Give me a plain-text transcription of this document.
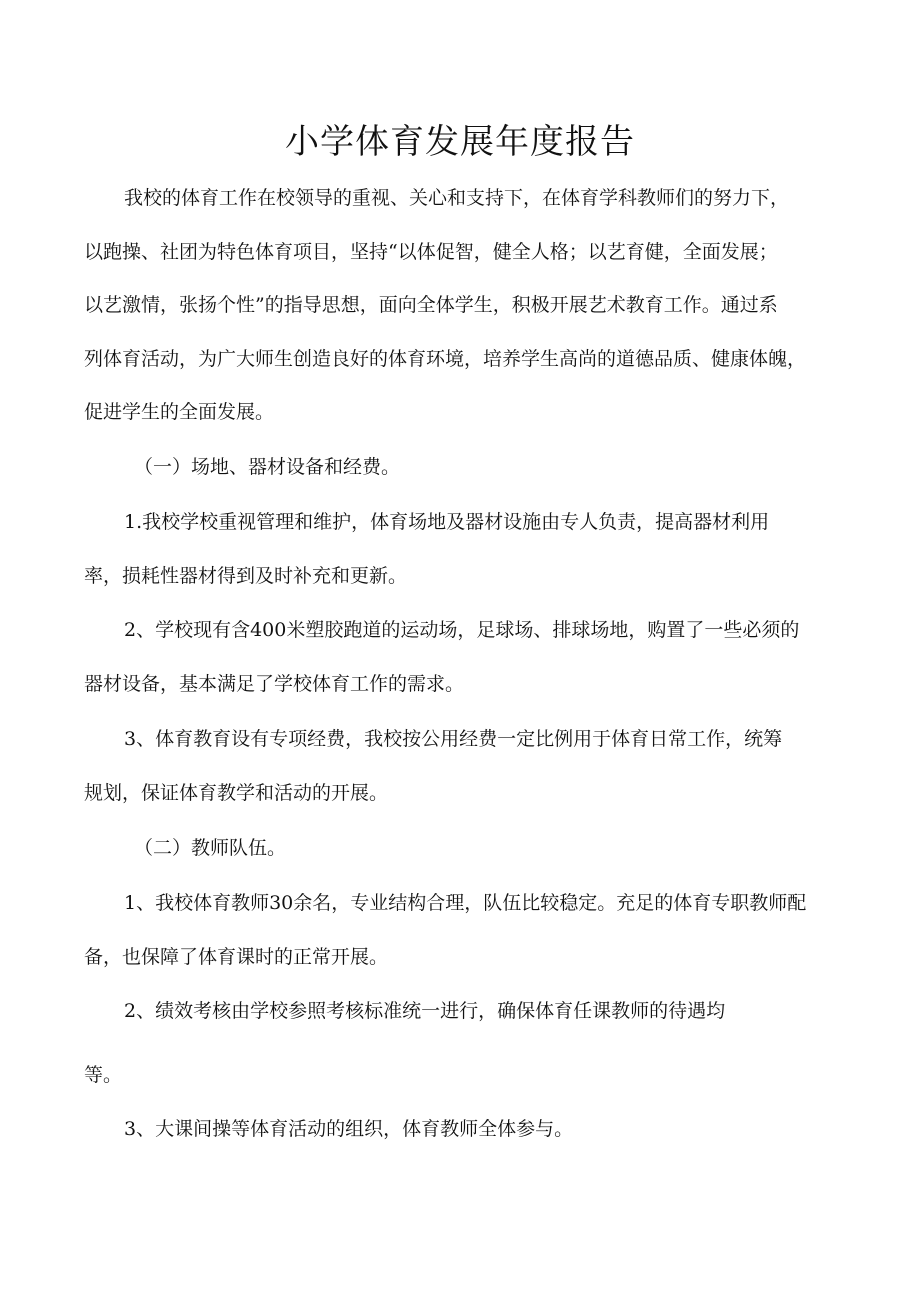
小学体育发展年度报告
我校的体育工作在校领导的重视、关心和支持下，在体育学科教师们的努力下，
以跑操、社团为特色体育项目，坚持“以体促智，健全人格；以艺育健，全面发展；
以艺激情，张扬个性”的指导思想，面向全体学生，积极开展艺术教育工作。通过系
列体育活动，为广大师生创造良好的体育环境，培养学生高尚的道德品质、健康体魄，
促进学生的全面发展。
（一）场地、器材设备和经费。
1.我校学校重视管理和维护，体育场地及器材设施由专人负责，提高器材利用
率，损耗性器材得到及时补充和更新。
2、学校现有含400米塑胶跑道的运动场，足球场、排球场地，购置了一些必须的
器材设备，基本满足了学校体育工作的需求。
3、体育教育设有专项经费，我校按公用经费一定比例用于体育日常工作，统筹
规划，保证体育教学和活动的开展。
（二）教师队伍。
1、我校体育教师30余名，专业结构合理，队伍比较稳定。充足的体育专职教师配
备，也保障了体育课时的正常开展。
2、绩效考核由学校参照考核标准统一进行，确保体育任课教师的待遇均
等。
3、大课间操等体育活动的组织，体育教师全体参与。
